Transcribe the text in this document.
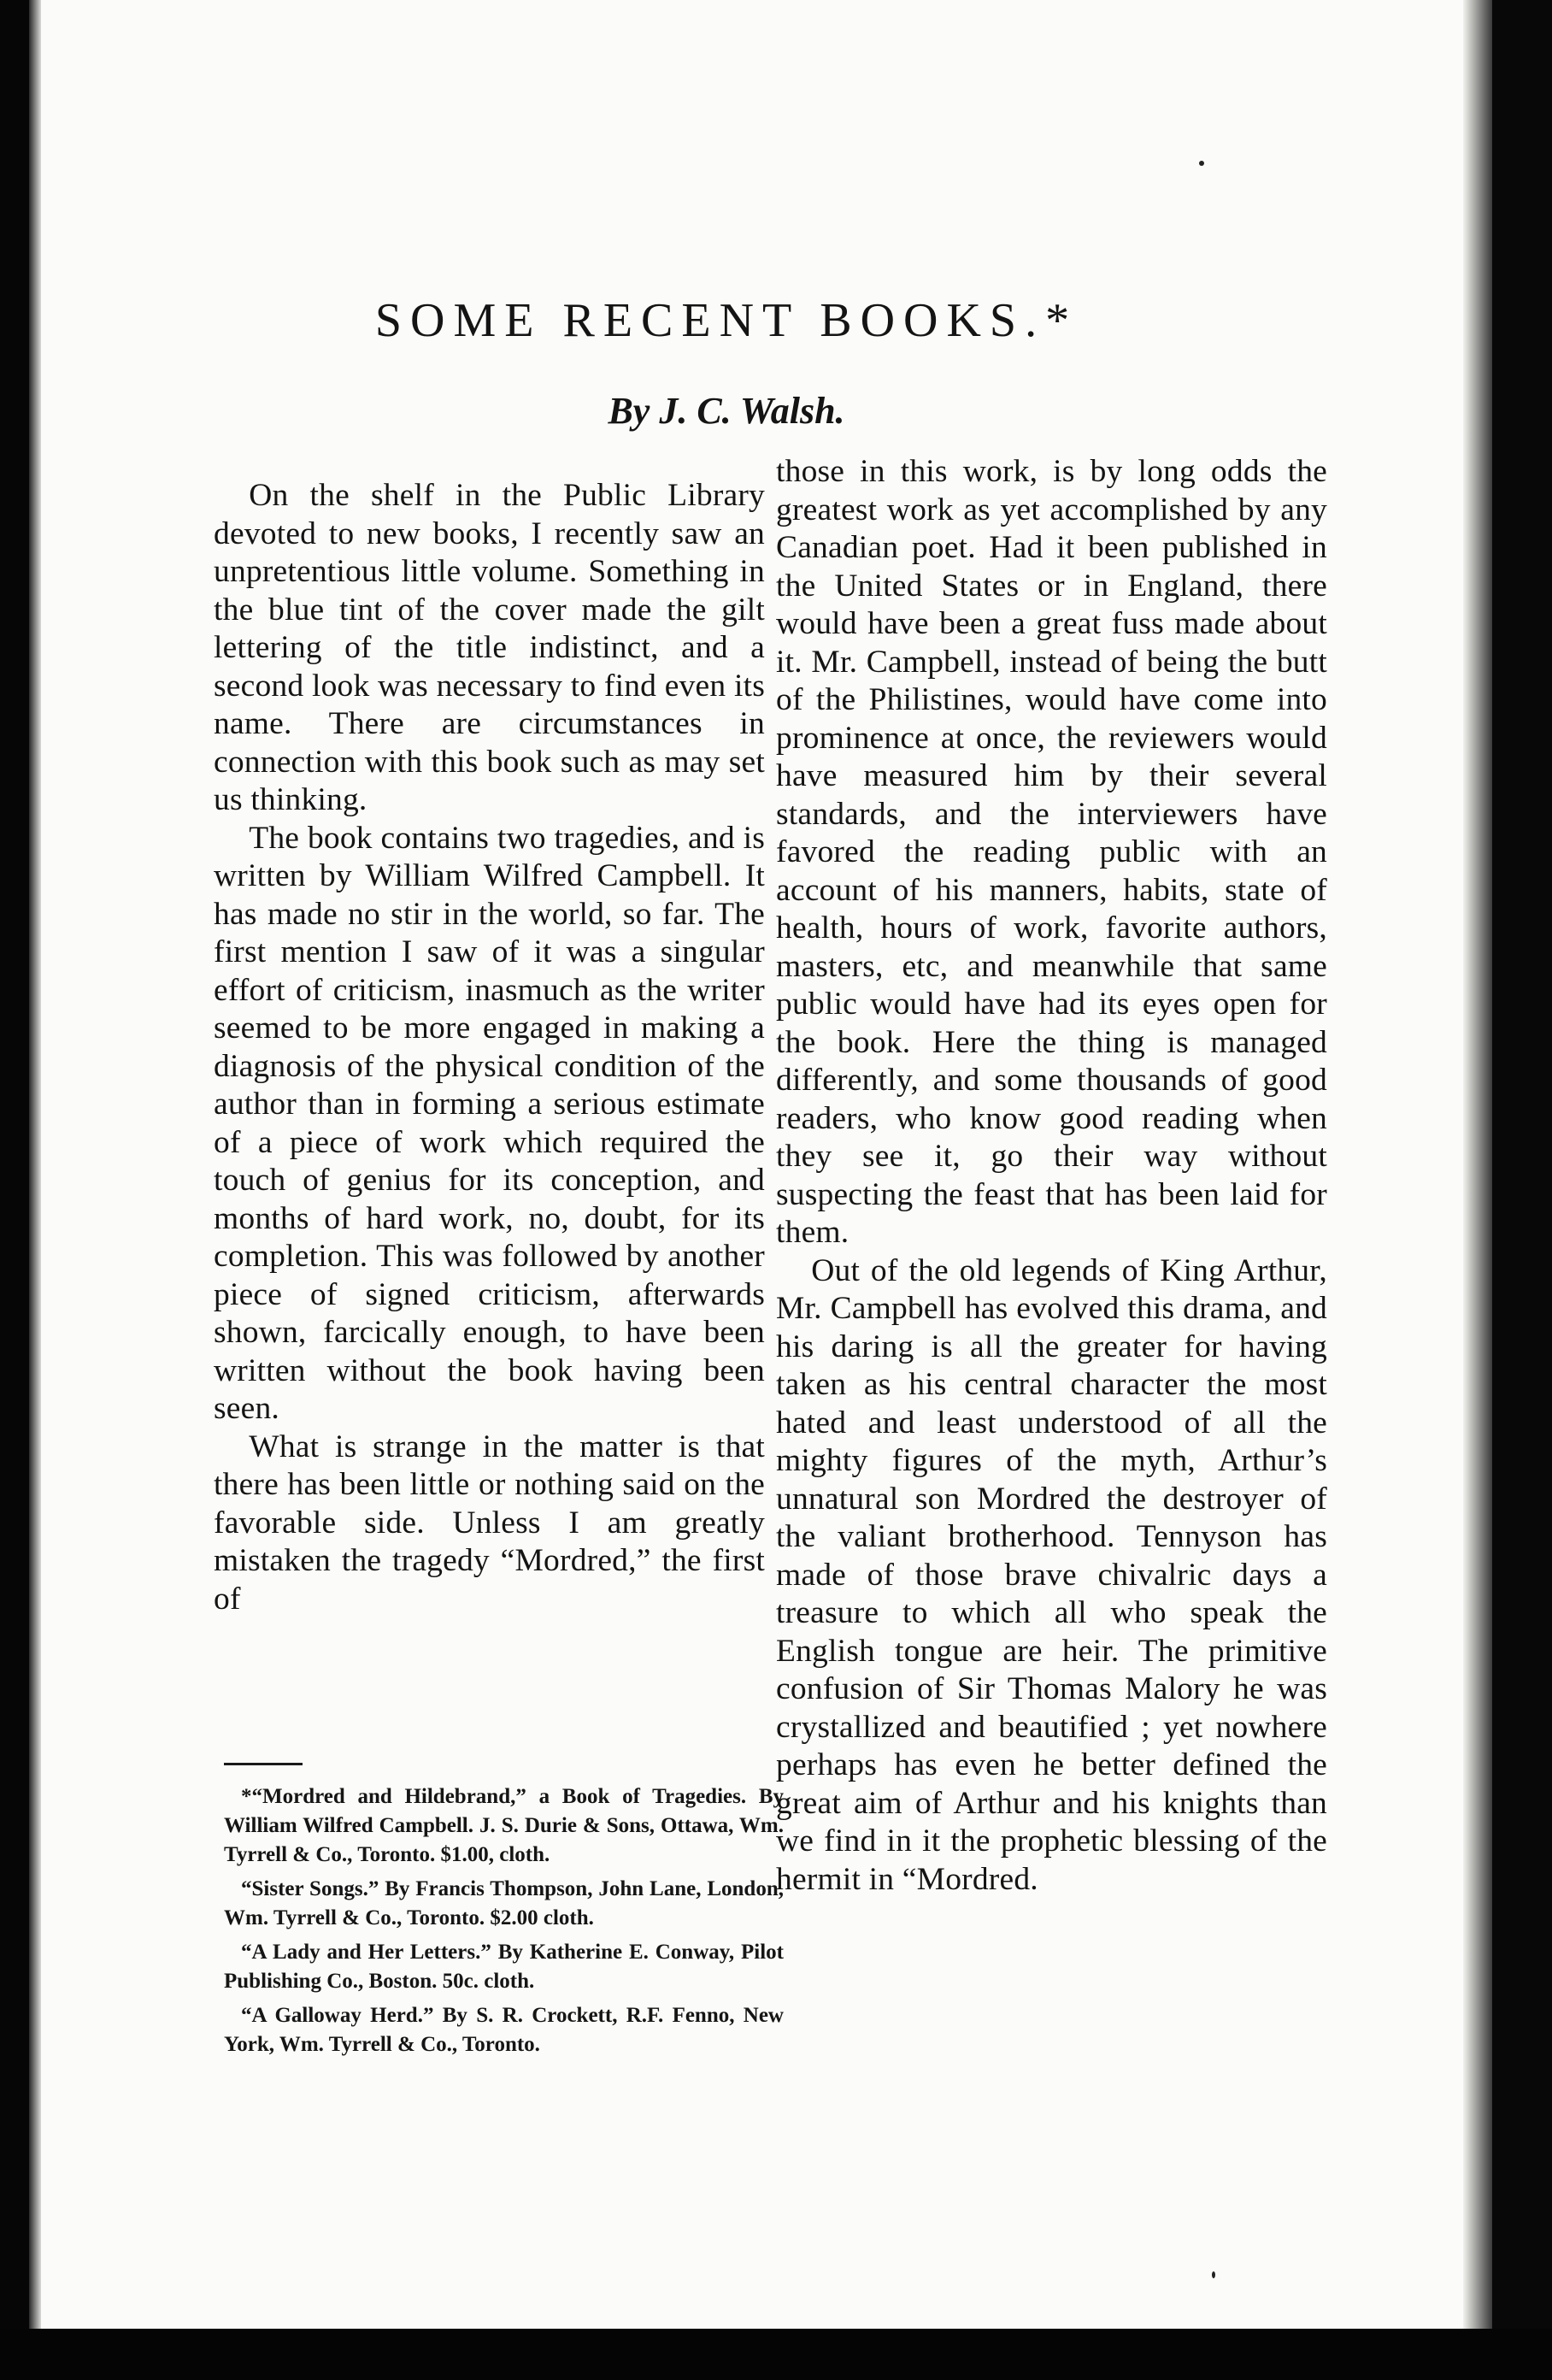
SOME RECENT BOOKS.*
By J. C. Walsh.

On the shelf in the Public Library devoted to new books, I recently saw an unpretentious little volume. Something in the blue tint of the cover made the gilt lettering of the title indistinct, and a second look was necessary to find even its name. There are circumstances in connection with this book such as may set us thinking.

The book contains two tragedies, and is written by William Wilfred Campbell. It has made no stir in the world, so far. The first mention I saw of it was a singular effort of criticism, inasmuch as the writer seemed to be more engaged in making a diagnosis of the physical condition of the author than in forming a serious estimate of a piece of work which required the touch of genius for its conception, and months of hard work, no, doubt, for its completion. This was followed by another piece of signed criticism, afterwards shown, farcically enough, to have been written without the book having been seen.

What is strange in the matter is that there has been little or nothing said on the favorable side. Unless I am greatly mistaken the tragedy “Mordred,” the first of

those in this work, is by long odds the greatest work as yet accomplished by any Canadian poet. Had it been published in the United States or in England, there would have been a great fuss made about it. Mr. Campbell, instead of being the butt of the Philistines, would have come into prominence at once, the reviewers would have measured him by their several standards, and the interviewers have favored the reading public with an account of his manners, habits, state of health, hours of work, favorite authors, masters, etc, and meanwhile that same public would have had its eyes open for the book. Here the thing is managed differently, and some thousands of good readers, who know good reading when they see it, go their way without suspecting the feast that has been laid for them.

Out of the old legends of King Arthur, Mr. Campbell has evolved this drama, and his daring is all the greater for having taken as his central character the most hated and least understood of all the mighty figures of the myth, Arthur’s unnatural son Mordred the destroyer of the valiant brotherhood. Tennyson has made of those brave chivalric days a treasure to which all who speak the English tongue are heir. The primitive confusion of Sir Thomas Malory he was crystallized and beautified ; yet nowhere perhaps has even he better defined the great aim of Arthur and his knights than we find in it the prophetic blessing of the hermit in “Mordred.

*“Mordred and Hildebrand,” a Book of Tragedies. By William Wilfred Campbell. J. S. Durie & Sons, Ottawa, Wm. Tyrrell & Co., Toronto. $1.00, cloth.

“Sister Songs.” By Francis Thompson, John Lane, London, Wm. Tyrrell & Co., Toronto. $2.00 cloth.

“A Lady and Her Letters.” By Katherine E. Conway, Pilot Publishing Co., Boston. 50c. cloth.

“A Galloway Herd.” By S. R. Crockett, R.F. Fenno, New York, Wm. Tyrrell & Co., Toronto.
